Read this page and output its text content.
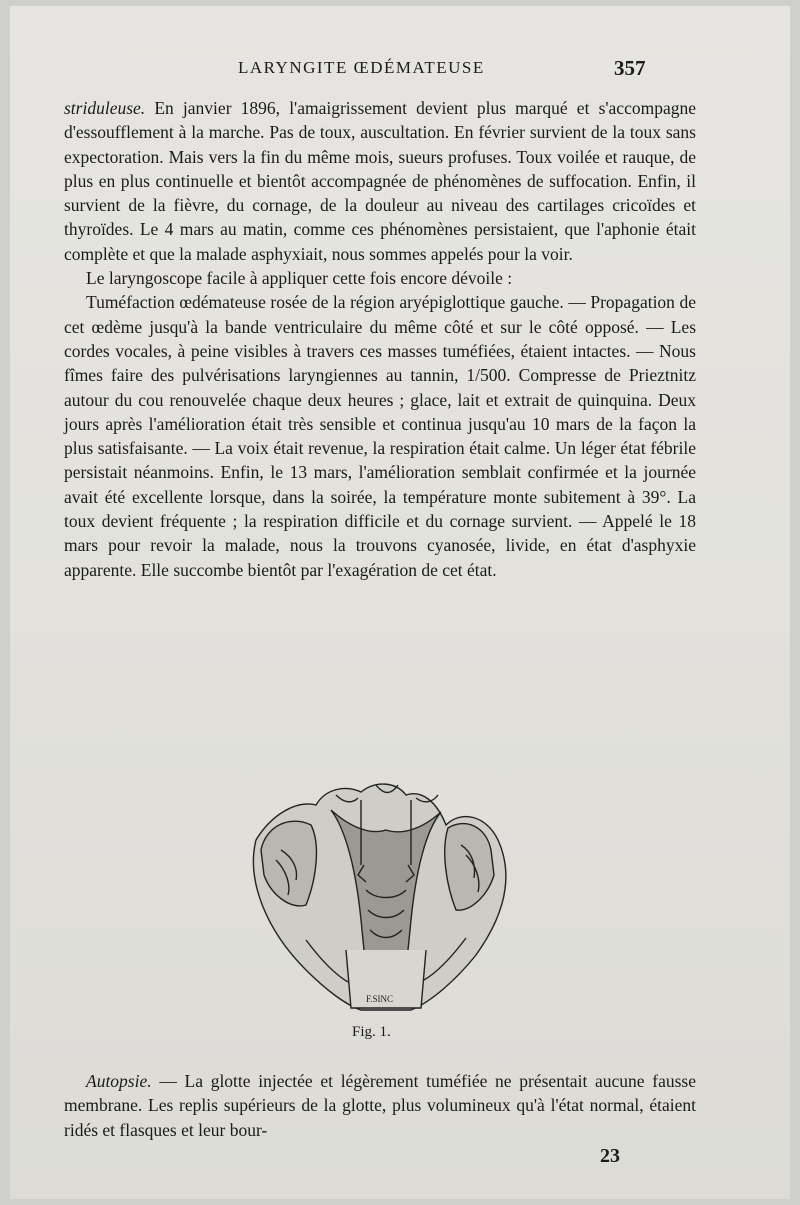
LARYNGITE ŒDÉMATEUSE	357

striduleuse. En janvier 1896, l'amaigrissement devient plus marqué et s'accompagne d'essoufflement à la marche. Pas de toux, auscultation. En février survient de la toux sans expectoration. Mais vers la fin du même mois, sueurs profuses. Toux voilée et rauque, de plus en plus continuelle et bientôt accompagnée de phénomènes de suffocation. Enfin, il survient de la fièvre, du cornage, de la douleur au niveau des cartilages cricoïdes et thyroïdes. Le 4 mars au matin, comme ces phénomènes persistaient, que l'aphonie était complète et que la malade asphyxiait, nous sommes appelés pour la voir.

Le laryngoscope facile à appliquer cette fois encore dévoile :

Tuméfaction œdémateuse rosée de la région aryépiglottique gauche. — Propagation de cet œdème jusqu'à la bande ventriculaire du même côté et sur le côté opposé. — Les cordes vocales, à peine visibles à travers ces masses tuméfiées, étaient intactes. — Nous fîmes faire des pulvérisations laryngiennes au tannin, 1/500. Compresse de Prieztnitz autour du cou renouvelée chaque deux heures ; glace, lait et extrait de quinquina. Deux jours après l'amélioration était très sensible et continua jusqu'au 10 mars de la façon la plus satisfaisante. — La voix était revenue, la respiration était calme. Un léger état fébrile persistait néanmoins. Enfin, le 13 mars, l'amélioration semblait confirmée et la journée avait été excellente lorsque, dans la soirée, la température monte subitement à 39°. La toux devient fréquente ; la respiration difficile et du cornage survient. — Appelé le 18 mars pour revoir la malade, nous la trouvons cyanosée, livide, en état d'asphyxie apparente. Elle succombe bientôt par l'exagération de cet état.

F.SINC
Fig. 1.

Autopsie. — La glotte injectée et légèrement tuméfiée ne présentait aucune fausse membrane. Les replis supérieurs de la glotte, plus volumineux qu'à l'état normal, étaient ridés et flasques et leur bour-

23
